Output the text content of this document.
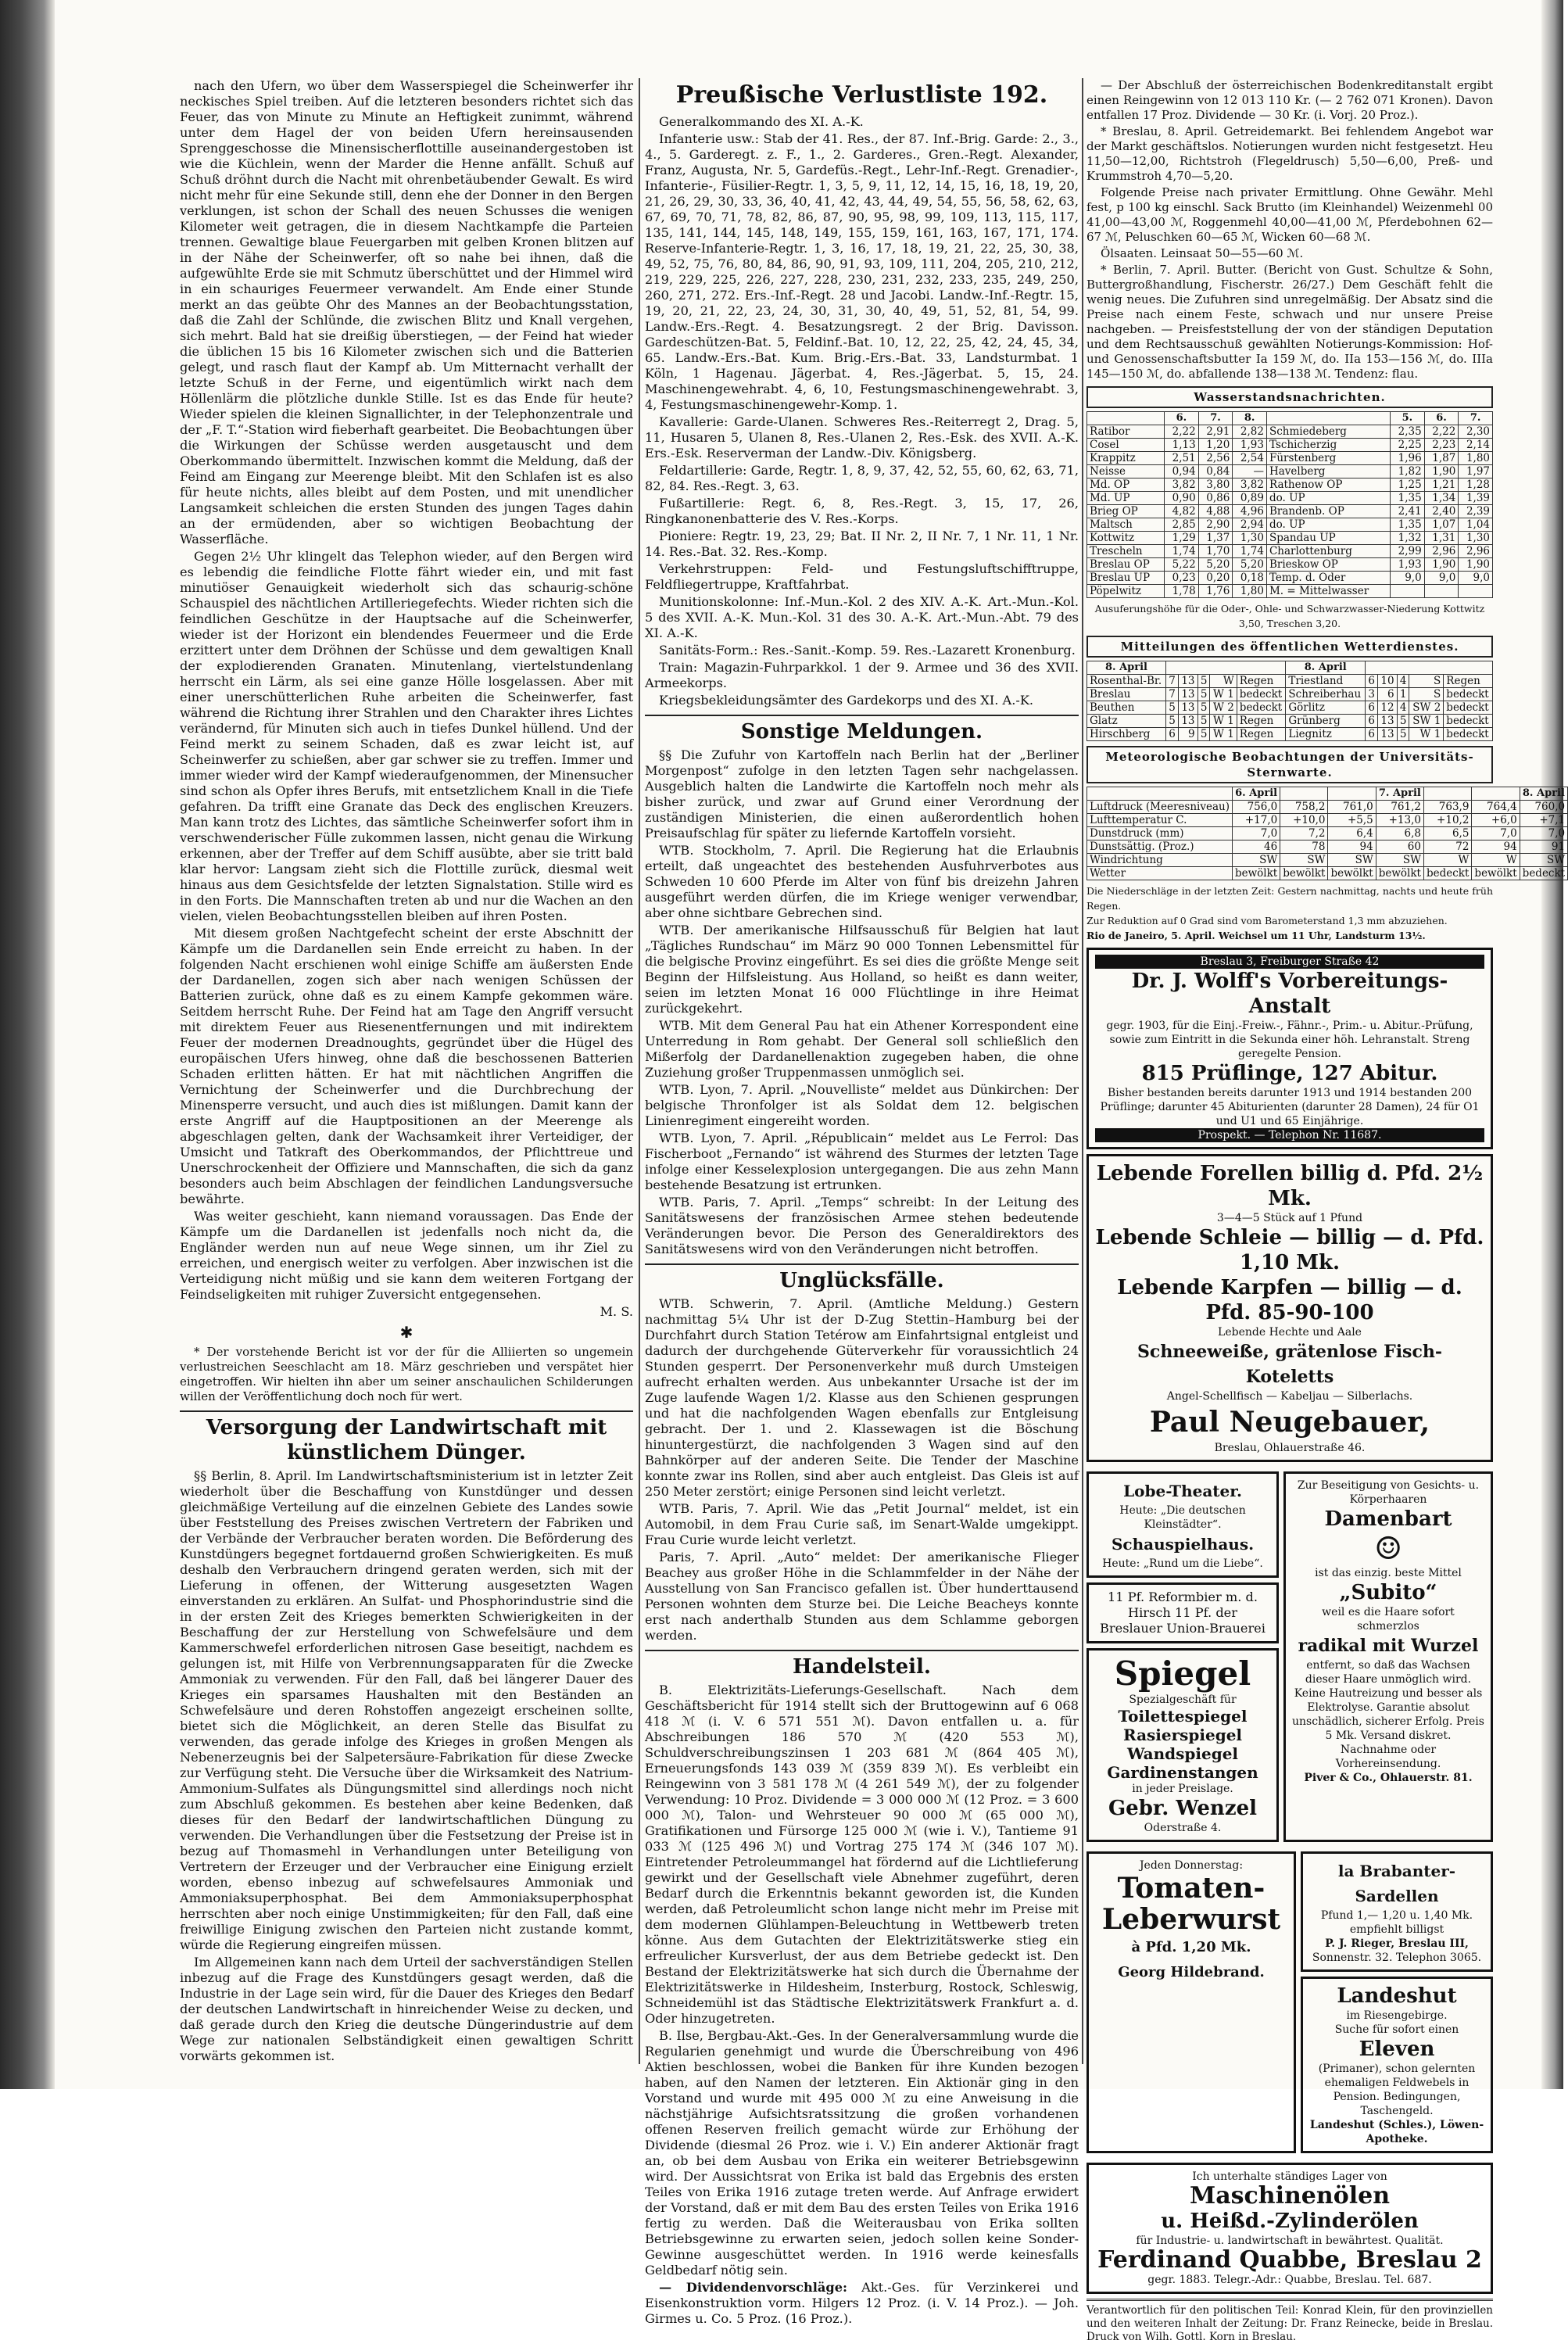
nach den Ufern, wo über dem Wasserspiegel die Scheinwerfer ihr neckisches Spiel treiben. Auf die letzteren besonders richtet sich das Feuer, das von Minute zu Minute an Heftigkeit zunimmt, während unter dem Hagel der von beiden Ufern hereinsausenden Sprenggeschosse die Minensischerflottille auseinandergestoben ist wie die Küchlein, wenn der Marder die Henne anfällt. Schuß auf Schuß dröhnt durch die Nacht mit ohrenbetäubender Gewalt. Es wird nicht mehr für eine Sekunde still, denn ehe der Donner in den Bergen verklungen, ist schon der Schall des neuen Schusses die wenigen Kilometer weit getragen, die in diesem Nachtkampfe die Parteien trennen. Gewaltige blaue Feuergarben mit gelben Kronen blitzen auf in der Nähe der Scheinwerfer, oft so nahe bei ihnen, daß die aufgewühlte Erde sie mit Schmutz überschüttet und der Himmel wird in ein schauriges Feuermeer verwandelt. Am Ende einer Stunde merkt an das geübte Ohr des Mannes an der Beobachtungsstation, daß die Zahl der Schlünde, die zwischen Blitz und Knall vergehen, sich mehrt. Bald hat sie dreißig überstiegen, — der Feind hat wieder die üblichen 15 bis 16 Kilometer zwischen sich und die Batterien gelegt, und rasch flaut der Kampf ab. Um Mitternacht verhallt der letzte Schuß in der Ferne, und eigentümlich wirkt nach dem Höllenlärm die plötzliche dunkle Stille. Ist es das Ende für heute? Wieder spielen die kleinen Signallichter, in der Telephonzentrale und der „F. T.“-Station wird fieberhaft gearbeitet. Die Beobachtungen über die Wirkungen der Schüsse werden ausgetauscht und dem Oberkommando übermittelt. Inzwischen kommt die Meldung, daß der Feind am Eingang zur Meerenge bleibt. Mit den Schlafen ist es also für heute nichts, alles bleibt auf dem Posten, und mit unendlicher Langsamkeit schleichen die ersten Stunden des jungen Tages dahin an der ermüdenden, aber so wichtigen Beobachtung der Wasserfläche.

Gegen 2½ Uhr klingelt das Telephon wieder, auf den Bergen wird es lebendig die feindliche Flotte fährt wieder ein, und mit fast minutiöser Genauigkeit wiederholt sich das schaurig-schöne Schauspiel des nächtlichen Artilleriegefechts. Wieder richten sich die feindlichen Geschütze in der Hauptsache auf die Scheinwerfer, wieder ist der Horizont ein blendendes Feuermeer und die Erde erzittert unter dem Dröhnen der Schüsse und dem gewaltigen Knall der explodierenden Granaten. Minutenlang, viertelstundenlang herrscht ein Lärm, als sei eine ganze Hölle losgelassen. Aber mit einer unerschütterlichen Ruhe arbeiten die Scheinwerfer, fast während die Richtung ihrer Strahlen und den Charakter ihres Lichtes verändernd, für Minuten sich auch in tiefes Dunkel hüllend. Und der Feind merkt zu seinem Schaden, daß es zwar leicht ist, auf Scheinwerfer zu schießen, aber gar schwer sie zu treffen. Immer und immer wieder wird der Kampf wiederaufgenommen, der Minensucher sind schon als Opfer ihres Berufs, mit entsetzlichem Knall in die Tiefe gefahren. Da trifft eine Granate das Deck des englischen Kreuzers. Man kann trotz des Lichtes, das sämtliche Scheinwerfer sofort ihm in verschwenderischer Fülle zukommen lassen, nicht genau die Wirkung erkennen, aber der Treffer auf dem Schiff ausübte, aber sie tritt bald klar hervor: Langsam zieht sich die Flottille zurück, diesmal weit hinaus aus dem Gesichtsfelde der letzten Signalstation. Stille wird es in den Forts. Die Mannschaften treten ab und nur die Wachen an den vielen, vielen Beobachtungsstellen bleiben auf ihren Posten.

Mit diesem großen Nachtgefecht scheint der erste Abschnitt der Kämpfe um die Dardanellen sein Ende erreicht zu haben. In der folgenden Nacht erschienen wohl einige Schiffe am äußersten Ende der Dardanellen, zogen sich aber nach wenigen Schüssen der Batterien zurück, ohne daß es zu einem Kampfe gekommen wäre. Seitdem herrscht Ruhe. Der Feind hat am Tage den Angriff versucht mit direktem Feuer aus Riesenentfernungen und mit indirektem Feuer der modernen Dreadnoughts, gegründet über die Hügel des europäischen Ufers hinweg, ohne daß die beschossenen Batterien Schaden erlitten hätten. Er hat mit nächtlichen Angriffen die Vernichtung der Scheinwerfer und die Durchbrechung der Minensperre versucht, und auch dies ist mißlungen. Damit kann der erste Angriff auf die Hauptpositionen an der Meerenge als abgeschlagen gelten, dank der Wachsamkeit ihrer Verteidiger, der Umsicht und Tatkraft des Oberkommandos, der Pflichttreue und Unerschrockenheit der Offiziere und Mannschaften, die sich da ganz besonders auch beim Abschlagen der feindlichen Landungsversuche bewährte.

Was weiter geschieht, kann niemand voraussagen. Das Ende der Kämpfe um die Dardanellen ist jedenfalls noch nicht da, die Engländer werden nun auf neue Wege sinnen, um ihr Ziel zu erreichen, und energisch weiter zu verfolgen. Aber inzwischen ist die Verteidigung nicht müßig und sie kann dem weiteren Fortgang der Feindseligkeiten mit ruhiger Zuversicht entgegensehen.

M. S.
✱

* Der vorstehende Bericht ist vor der für die Alliierten so ungemein verlustreichen Seeschlacht am 18. März geschrieben und verspätet hier eingetroffen. Wir hielten ihn aber um seiner anschaulichen Schilderungen willen der Veröffentlichung doch noch für wert.

Versorgung der Landwirtschaft mit künstlichem Dünger.

§§ Berlin, 8. April. Im Landwirtschaftsministerium ist in letzter Zeit wiederholt über die Beschaffung von Kunstdünger und dessen gleichmäßige Verteilung auf die einzelnen Gebiete des Landes sowie über Feststellung des Preises zwischen Vertretern der Fabriken und der Verbände der Verbraucher beraten worden. Die Beförderung des Kunstdüngers begegnet fortdauernd großen Schwierigkeiten. Es muß deshalb den Verbrauchern dringend geraten werden, sich mit der Lieferung in offenen, der Witterung ausgesetzten Wagen einverstanden zu erklären. An Sulfat- und Phosphorindustrie sind die in der ersten Zeit des Krieges bemerkten Schwierigkeiten in der Beschaffung der zur Herstellung von Schwefelsäure und dem Kammerschwefel erforderlichen nitrosen Gase beseitigt, nachdem es gelungen ist, mit Hilfe von Verbrennungsapparaten für die Zwecke Ammoniak zu verwenden. Für den Fall, daß bei längerer Dauer des Krieges ein sparsames Haushalten mit den Beständen an Schwefelsäure und deren Rohstoffen angezeigt erscheinen sollte, bietet sich die Möglichkeit, an deren Stelle das Bisulfat zu verwenden, das gerade infolge des Krieges in großen Mengen als Nebenerzeugnis bei der Salpetersäure-Fabrikation für diese Zwecke zur Verfügung steht. Die Versuche über die Wirksamkeit des Natrium-Ammonium-Sulfates als Düngungsmittel sind allerdings noch nicht zum Abschluß gekommen. Es bestehen aber keine Bedenken, daß dieses für den Bedarf der landwirtschaftlichen Düngung zu verwenden. Die Verhandlungen über die Festsetzung der Preise ist in bezug auf Thomasmehl in Verhandlungen unter Beteiligung von Vertretern der Erzeuger und der Verbraucher eine Einigung erzielt worden, ebenso inbezug auf schwefelsaures Ammoniak und Ammoniaksuperphosphat. Bei dem Ammoniaksuperphosphat herrschten aber noch einige Unstimmigkeiten; für den Fall, daß eine freiwillige Einigung zwischen den Parteien nicht zustande kommt, würde die Regierung eingreifen müssen.

Im Allgemeinen kann nach dem Urteil der sachverständigen Stellen inbezug auf die Frage des Kunstdüngers gesagt werden, daß die Industrie in der Lage sein wird, für die Dauer des Krieges den Bedarf der deutschen Landwirtschaft in hinreichender Weise zu decken, und daß gerade durch den Krieg die deutsche Düngerindustrie auf dem Wege zur nationalen Selbständigkeit einen gewaltigen Schritt vorwärts gekommen ist.

Preußische Verlustliste 192.

Generalkommando des XI. A.-K.

Infanterie usw.: Stab der 41. Res., der 87. Inf.-Brig. Garde: 2., 3., 4., 5. Garderegt. z. F., 1., 2. Garderes., Gren.-Regt. Alexander, Franz, Augusta, Nr. 5, Gardefüs.-Regt., Lehr-Inf.-Regt. Grenadier-, Infanterie-, Füsilier-Regtr. 1, 3, 5, 9, 11, 12, 14, 15, 16, 18, 19, 20, 21, 26, 29, 30, 33, 36, 40, 41, 42, 43, 44, 49, 54, 55, 56, 58, 62, 63, 67, 69, 70, 71, 78, 82, 86, 87, 90, 95, 98, 99, 109, 113, 115, 117, 135, 141, 144, 145, 148, 149, 155, 159, 161, 163, 167, 171, 174. Reserve-Infanterie-Regtr. 1, 3, 16, 17, 18, 19, 21, 22, 25, 30, 38, 49, 52, 75, 76, 80, 84, 86, 90, 91, 93, 109, 111, 204, 205, 210, 212, 219, 229, 225, 226, 227, 228, 230, 231, 232, 233, 235, 249, 250, 260, 271, 272. Ers.-Inf.-Regt. 28 und Jacobi. Landw.-Inf.-Regtr. 15, 19, 20, 21, 22, 23, 24, 30, 31, 30, 40, 49, 51, 52, 81, 54, 99. Landw.-Ers.-Regt. 4. Besatzungsregt. 2 der Brig. Davisson. Gardeschützen-Bat. 5, Feldinf.-Bat. 10, 12, 22, 25, 42, 24, 45, 34, 65. Landw.-Ers.-Bat. Kum. Brig.-Ers.-Bat. 33, Landsturmbat. 1 Köln, 1 Hagenau. Jägerbat. 4, Res.-Jägerbat. 5, 15, 24. Maschinengewehrabt. 4, 6, 10, Festungsmaschinengewehrabt. 3, 4, Festungsmaschinengewehr-Komp. 1.

Kavallerie: Garde-Ulanen. Schweres Res.-Reiterregt 2, Drag. 5, 11, Husaren 5, Ulanen 8, Res.-Ulanen 2, Res.-Esk. des XVII. A.-K. Ers.-Esk. Reserverman der Landw.-Div. Königsberg.

Feldartillerie: Garde, Regtr. 1, 8, 9, 37, 42, 52, 55, 60, 62, 63, 71, 82, 84. Res.-Regt. 3, 63.

Fußartillerie: Regt. 6, 8, Res.-Regt. 3, 15, 17, 26, Ringkanonenbatterie des V. Res.-Korps.

Pioniere: Regtr. 19, 23, 29; Bat. II Nr. 2, II Nr. 7, 1 Nr. 11, 1 Nr. 14. Res.-Bat. 32. Res.-Komp.

Verkehrstruppen: Feld- und Festungsluftschifftruppe, Feldfliegertruppe, Kraftfahrbat.

Munitionskolonne: Inf.-Mun.-Kol. 2 des XIV. A.-K. Art.-Mun.-Kol. 5 des XVII. A.-K. Mun.-Kol. 31 des 30. A.-K. Art.-Mun.-Abt. 79 des XI. A.-K.

Sanitäts-Form.: Res.-Sanit.-Komp. 59. Res.-Lazarett Kronenburg.

Train: Magazin-Fuhrparkkol. 1 der 9. Armee und 36 des XVII. Armeekorps.

Kriegsbekleidungsämter des Gardekorps und des XI. A.-K.

Sonstige Meldungen.

§§ Die Zufuhr von Kartoffeln nach Berlin hat der „Berliner Morgenpost“ zufolge in den letzten Tagen sehr nachgelassen. Ausgeblich halten die Landwirte die Kartoffeln noch mehr als bisher zurück, und zwar auf Grund einer Verordnung der zuständigen Ministerien, die einen außerordentlich hohen Preisaufschlag für später zu liefernde Kartoffeln vorsieht.

WTB. Stockholm, 7. April. Die Regierung hat die Erlaubnis erteilt, daß ungeachtet des bestehenden Ausfuhrverbotes aus Schweden 10 600 Pferde im Alter von fünf bis dreizehn Jahren ausgeführt werden dürfen, die im Kriege weniger verwendbar, aber ohne sichtbare Gebrechen sind.

WTB. Der amerikanische Hilfsausschuß für Belgien hat laut „Tägliches Rundschau“ im März 90 000 Tonnen Lebensmittel für die belgische Provinz eingeführt. Es sei dies die größte Menge seit Beginn der Hilfsleistung. Aus Holland, so heißt es dann weiter, seien im letzten Monat 16 000 Flüchtlinge in ihre Heimat zurückgekehrt.

WTB. Mit dem General Pau hat ein Athener Korrespondent eine Unterredung in Rom gehabt. Der General soll schließlich den Mißerfolg der Dardanellenaktion zugegeben haben, die ohne Zuziehung großer Truppenmassen unmöglich sei.

WTB. Lyon, 7. April. „Nouvelliste“ meldet aus Dünkirchen: Der belgische Thronfolger ist als Soldat dem 12. belgischen Linienregiment eingereiht worden.

WTB. Lyon, 7. April. „Républicain“ meldet aus Le Ferrol: Das Fischerboot „Fernando“ ist während des Sturmes der letzten Tage infolge einer Kesselexplosion untergegangen. Die aus zehn Mann bestehende Besatzung ist ertrunken.

WTB. Paris, 7. April. „Temps“ schreibt: In der Leitung des Sanitätswesens der französischen Armee stehen bedeutende Veränderungen bevor. Die Person des Generaldirektors des Sanitätswesens wird von den Veränderungen nicht betroffen.

Unglücksfälle.

WTB. Schwerin, 7. April. (Amtliche Meldung.) Gestern nachmittag 5¼ Uhr ist der D-Zug Stettin–Hamburg bei der Durchfahrt durch Station Tetérow am Einfahrtsignal entgleist und dadurch der durchgehende Güterverkehr für voraussichtlich 24 Stunden gesperrt. Der Personenverkehr muß durch Umsteigen aufrecht erhalten werden. Aus unbekannter Ursache ist der im Zuge laufende Wagen 1/2. Klasse aus den Schienen gesprungen und hat die nachfolgenden Wagen ebenfalls zur Entgleisung gebracht. Der 1. und 2. Klassewagen ist die Böschung hinuntergestürzt, die nachfolgenden 3 Wagen sind auf den Bahnkörper auf der anderen Seite. Die Tender der Maschine konnte zwar ins Rollen, sind aber auch entgleist. Das Gleis ist auf 250 Meter zerstört; einige Personen sind leicht verletzt.

WTB. Paris, 7. April. Wie das „Petit Journal“ meldet, ist ein Automobil, in dem Frau Curie saß, im Senart-Walde umgekippt. Frau Curie wurde leicht verletzt.

Paris, 7. April. „Auto“ meldet: Der amerikanische Flieger Beachey aus großer Höhe in die Schlammfelder in der Nähe der Ausstellung von San Francisco gefallen ist. Über hunderttausend Personen wohnten dem Sturze bei. Die Leiche Beacheys konnte erst nach anderthalb Stunden aus dem Schlamme geborgen werden.

Handelsteil.

B. Elektrizitäts-Lieferungs-Gesellschaft. Nach dem Geschäftsbericht für 1914 stellt sich der Bruttogewinn auf 6 068 418 ℳ (i. V. 6 571 551 ℳ). Davon entfallen u. a. für Abschreibungen 186 570 ℳ (420 553 ℳ), Schuldverschreibungszinsen 1 203 681 ℳ (864 405 ℳ), Erneuerungsfonds 143 039 ℳ (359 839 ℳ). Es verbleibt ein Reingewinn von 3 581 178 ℳ (4 261 549 ℳ), der zu folgender Verwendung: 10 Proz. Dividende = 3 000 000 ℳ (12 Proz. = 3 600 000 ℳ), Talon- und Wehrsteuer 90 000 ℳ (65 000 ℳ), Gratifikationen und Fürsorge 125 000 ℳ (wie i. V.), Tantieme 91 033 ℳ (125 496 ℳ) und Vortrag 275 174 ℳ (346 107 ℳ). Eintretender Petroleummangel hat fördernd auf die Lichtlieferung gewirkt und der Gesellschaft viele Abnehmer zugeführt, deren Bedarf durch die Erkenntnis bekannt geworden ist, die Kunden werden, daß Petroleumlicht schon lange nicht mehr im Preise mit dem modernen Glühlampen-Beleuchtung in Wettbewerb treten könne. Aus dem Gutachten der Elektrizitätswerke stieg ein erfreulicher Kursverlust, der aus dem Betriebe gedeckt ist. Den Bestand der Elektrizitätswerke hat sich durch die Übernahme der Elektrizitätswerke in Hildesheim, Insterburg, Rostock, Schleswig, Schneidemühl ist das Städtische Elektrizitätswerk Frankfurt a. d. Oder hinzugetreten.

B. Ilse, Bergbau-Akt.-Ges. In der Generalversammlung wurde die Regularien genehmigt und wurde die Überschreibung von 496 Aktien beschlossen, wobei die Banken für ihre Kunden bezogen haben, auf den Namen der letzteren. Ein Aktionär ging in den Vorstand und wurde mit 495 000 ℳ zu eine Anweisung in die nächstjährige Aufsichtsratssitzung die großen vorhandenen offenen Reserven freilich gemacht würde zur Erhöhung der Dividende (diesmal 26 Proz. wie i. V.) Ein anderer Aktionär fragt an, ob bei dem Ausbau von Erika ein weiterer Betriebsgewinn wird. Der Aussichtsrat von Erika ist bald das Ergebnis des ersten Teiles von Erika 1916 zutage treten werde. Auf Anfrage erwidert der Vorstand, daß er mit dem Bau des ersten Teiles von Erika 1916 fertig zu werden. Daß die Weiterausbau von Erika sollten Betriebsgewinne zu erwarten seien, jedoch sollen keine Sonder-Gewinne ausgeschüttet werden. In 1916 werde keinesfalls Geldbedarf nötig sein.

— Dividendenvorschläge: Akt.-Ges. für Verzinkerei und Eisenkonstruktion vorm. Hilgers 12 Proz. (i. V. 14 Proz.). — Joh. Girmes u. Co. 5 Proz. (16 Proz.).

— Der Abschluß der österreichischen Bodenkreditanstalt ergibt einen Reingewinn von 12 013 110 Kr. (— 2 762 071 Kronen). Davon entfallen 17 Proz. Dividende — 30 Kr. (i. Vorj. 20 Proz.).

* Breslau, 8. April. Getreidemarkt. Bei fehlendem Angebot war der Markt geschäftslos. Notierungen wurden nicht festgesetzt. Heu 11,50—12,00, Richtstroh (Flegeldrusch) 5,50—6,00, Preß- und Krummstroh 4,70—5,20.

Folgende Preise nach privater Ermittlung. Ohne Gewähr. Mehl fest, p 100 kg einschl. Sack Brutto (im Kleinhandel) Weizenmehl 00 41,00—43,00 ℳ, Roggenmehl 40,00—41,00 ℳ, Pferdebohnen 62—67 ℳ, Peluschken 60—65 ℳ, Wicken 60—68 ℳ.

Ölsaaten. Leinsaat 50—55—60 ℳ.

* Berlin, 7. April. Butter. (Bericht von Gust. Schultze & Sohn, Buttergroßhandlung, Fischerstr. 26/27.) Dem Geschäft fehlt die wenig neues. Die Zufuhren sind unregelmäßig. Der Absatz sind die Preise nach einem Feste, schwach und nur unsere Preise nachgeben. — Preisfeststellung der von der ständigen Deputation und dem Rechtsausschuß gewählten Notierungs-Kommission: Hof- und Genossenschaftsbutter Ia 159 ℳ, do. IIa 153—156 ℳ, do. IIIa 145—150 ℳ, do. abfallende 138—138 ℳ. Tendenz: flau.

Wasserstandsnachrichten.
	6.	7.	8.		5.	6.	7.
Ratibor	2,22	2,91	2,82	Schmiedeberg	2,35	2,22	2,30
Cosel	1,13	1,20	1,93	Tschicherzig	2,25	2,23	2,14
Krappitz	2,51	2,56	2,54	Fürstenberg	1,96	1,87	1,80
Neisse	0,94	0,84	—	Havelberg	1,82	1,90	1,97
Md. OP	3,82	3,80	3,82	Rathenow OP	1,25	1,21	1,28
Md. UP	0,90	0,86	0,89	do. UP	1,35	1,34	1,39
Brieg OP	4,82	4,88	4,96	Brandenb. OP	2,41	2,40	2,39
Maltsch	2,85	2,90	2,94	do. UP	1,35	1,07	1,04
Kottwitz	1,29	1,37	1,30	Spandau UP	1,32	1,31	1,30
Trescheln	1,74	1,70	1,74	Charlottenburg	2,99	2,96	2,96
Breslau OP	5,22	5,20	5,20	Brieskow OP	1,93	1,90	1,90
Breslau UP	0,23	0,20	0,18	Temp. d. Oder	9,0	9,0	9,0
Pöpelwitz	1,78	1,76	1,80	M. = Mittelwasser			
Ausuferungshöhe für die Oder-, Ohle- und Schwarzwasser-Niederung Kottwitz 3,50, Treschen 3,20.
Mitteilungen des öffentlichen Wetterdienstes.
8. April						8. April					
Rosenthal-Br.	7	13	5	W	Regen	Triestland	6	10	4	S	Regen
Breslau	7	13	5	W 1	bedeckt	Schreiberhau	3	6	1	S	bedeckt
Beuthen	5	13	5	W 2	bedeckt	Görlitz	6	12	4	SW 2	bedeckt
Glatz	5	13	5	W 1	Regen	Grünberg	6	13	5	SW 1	bedeckt
Hirschberg	6	9	5	W 1	Regen	Liegnitz	6	13	5	W 1	bedeckt
Meteorologische Beobachtungen der Universitäts-Sternwarte.
	6. April			7. April			8. April
Luftdruck (Meeresniveau)	756,0	758,2	761,0	761,2	763,9	764,4	760,0
Lufttemperatur C.	+17,0	+10,0	+5,5	+13,0	+10,2	+6,0	+7,1
Dunstdruck (mm)	7,0	7,2	6,4	6,8	6,5	7,0	7,0
Dunstsättig. (Proz.)	46	78	94	60	72	94	91
Windrichtung	SW	SW	SW	SW	W	W	SW
Wetter	bewölkt	bewölkt	bewölkt	bewölkt	bedeckt	bewölkt	bedeckt
Die Niederschläge in der letzten Zeit: Gestern nachmittag, nachts und heute früh Regen.
Zur Reduktion auf 0 Grad sind vom Barometerstand 1,3 mm abzuziehen.
Rio de Janeiro, 5. April. Weichsel um 11 Uhr, Landsturm 13½.
Breslau 3, Freiburger Straße 42
Dr. J. Wolff's Vorbereitungs-Anstalt
gegr. 1903, für die Einj.-Freiw.-, Fähnr.-, Prim.- u. Abitur.-Prüfung, sowie zum Eintritt in die Sekunda einer höh. Lehranstalt. Streng geregelte Pension.
815 Prüflinge, 127 Abitur.
Bisher bestanden bereits darunter 1913 und 1914 bestanden 200 Prüflinge; darunter 45 Abiturienten (darunter 28 Damen), 24 für O1 und U1 und 65 Einjährige.
Prospekt. — Telephon Nr. 11687.
Lebende Forellen billig d. Pfd. 2½ Mk.
3—4—5 Stück auf 1 Pfund
Lebende Schleie — billig — d. Pfd. 1,10 Mk.
Lebende Karpfen — billig — d. Pfd. 85-90-100
Lebende Hechte und Aale
Schneeweiße, grätenlose Fisch-Koteletts
Angel-Schellfisch — Kabeljau — Silberlachs.
Paul Neugebauer,
Breslau, Ohlauerstraße 46.
Lobe-Theater.
Heute: „Die deutschen Kleinstädter“.
Schauspielhaus.
Heute: „Rund um die Liebe“.
11 Pf. Reformbier m. d. Hirsch 11 Pf. der Breslauer Union-Brauerei
Spiegel
Spezialgeschäft für
Toilettespiegel
Rasierspiegel
Wandspiegel
Gardinenstangen
in jeder Preislage.
Gebr. Wenzel
Oderstraße 4.
Zur Beseitigung von Gesichts- u. Körperhaaren
Damenbart
☺
ist das einzig. beste Mittel
„Subito“
weil es die Haare sofort schmerzlos
radikal mit Wurzel
entfernt, so daß das Wachsen dieser Haare unmöglich wird. Keine Hautreizung und besser als Elektrolyse. Garantie absolut unschädlich, sicherer Erfolg. Preis 5 Mk. Versand diskret. Nachnahme oder Vorhereinsendung.
Piver & Co., Ohlauerstr. 81.
Jeden Donnerstag:
Tomaten-
Leberwurst
à Pfd. 1,20 Mk.
Georg Hildebrand.
la Brabanter-Sardellen
Pfund 1,— 1,20 u. 1,40 Mk. empfiehlt billigst
P. J. Rieger, Breslau III,
Sonnenstr. 32. Telephon 3065.
Landeshut
im Riesengebirge.
Suche für sofort einen
Eleven
(Primaner), schon gelernten ehemaligen Feldwebels in Pension. Bedingungen, Taschengeld.
Landeshut (Schles.), Löwen-Apotheke.
Ich unterhalte ständiges Lager von
Maschinenölen
u. Heißd.-Zylinderölen
für Industrie- u. landwirtschaft in bewährtest. Qualität.
Ferdinand Quabbe, Breslau 2
gegr. 1883. Telegr.-Adr.: Quabbe, Breslau. Tel. 687.
Verantwortlich für den politischen Teil: Konrad Klein, für den provinziellen und den weiteren Inhalt der Zeitung: Dr. Franz Reinecke, beide in Breslau. Druck von Wilh. Gottl. Korn in Breslau.
